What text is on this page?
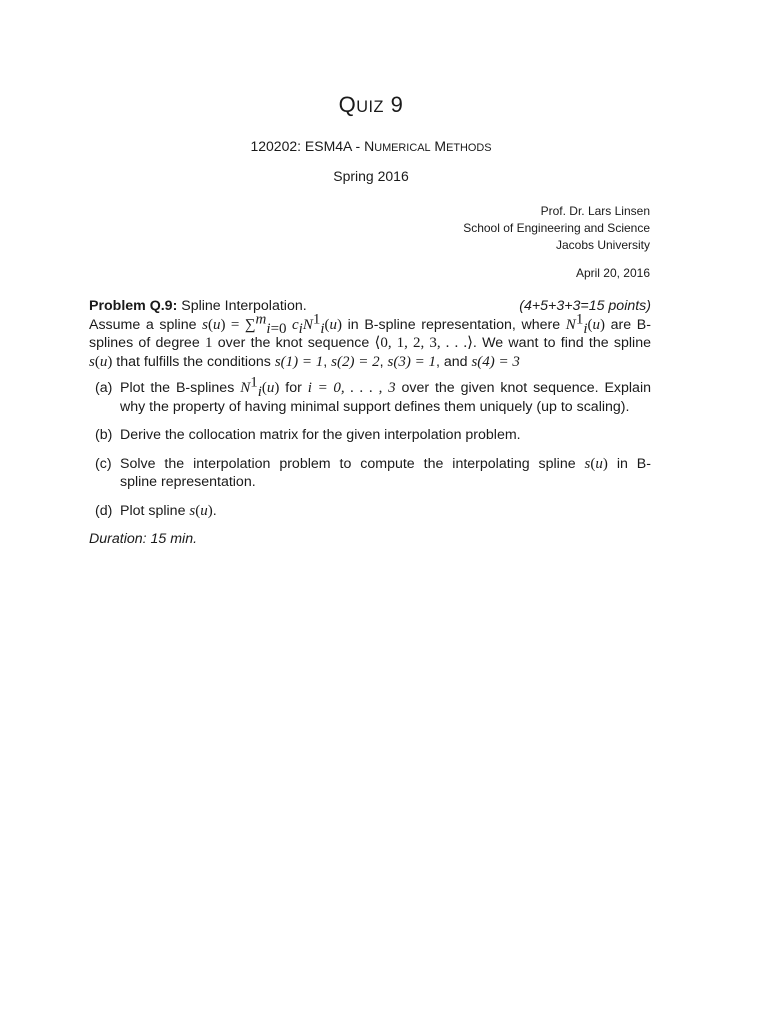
QUIZ 9
120202: ESM4A - NUMERICAL METHODS
Spring 2016
Prof. Dr. Lars Linsen
School of Engineering and Science
Jacobs University
April 20, 2016
Problem Q.9: Spline Interpolation.	(4+5+3+3=15 points)
Assume a spline s(u) = ∑$^m_{i=0}$ $c_iN^1_i(u)$ in B-spline representation, where $N^1_i(u)$ are B-
splines of degree 1 over the knot sequence ⟨0, 1, 2, 3, . . .⟩. We want to find the spline
s(u) that fulfills the conditions s(1) = 1, s(2) = 2, s(3) = 1, and s(4) = 3
(a) Plot the B-splines $N^1_i(u)$ for i = 0, . . . , 3 over the given knot sequence. Explain
why the property of having minimal support defines them uniquely (up to scaling).
(b) Derive the collocation matrix for the given interpolation problem.
(c) Solve the interpolation problem to compute the interpolating spline s(u) in B-
spline representation.
(d) Plot spline s(u).
Duration: 15 min.
